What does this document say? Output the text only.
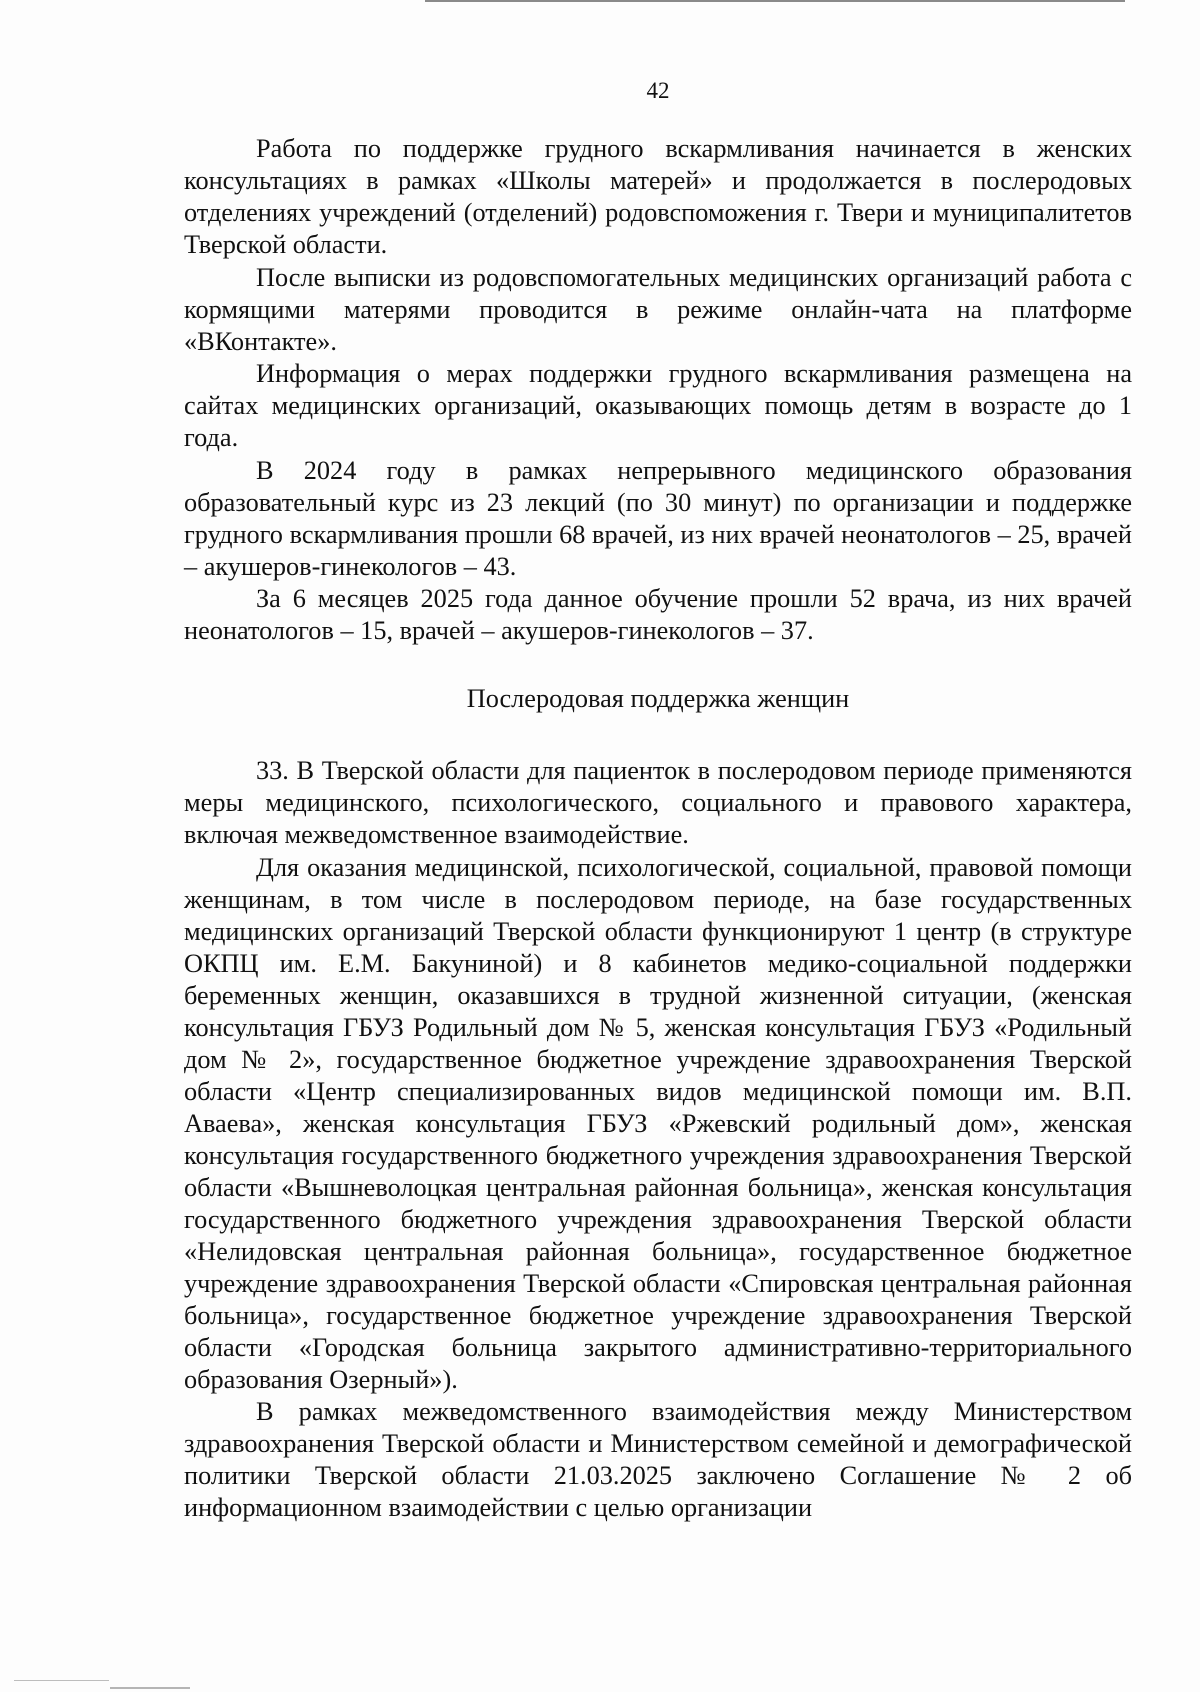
42

Работа по поддержке грудного вскармливания начинается в женских консультациях в рамках «Школы матерей» и продолжается в послеродовых отделениях учреждений (отделений) родовспоможения г. Твери и муниципалитетов Тверской области.

После выписки из родовспомогательных медицинских организаций работа с кормящими матерями проводится в режиме онлайн-чата на платформе «ВКонтакте».

Информация о мерах поддержки грудного вскармливания размещена на сайтах медицинских организаций, оказывающих помощь детям в возрасте до 1 года.

В 2024 году в рамках непрерывного медицинского образования образовательный курс из 23 лекций (по 30 минут) по организации и поддержке грудного вскармливания прошли 68 врачей, из них врачей неонатологов – 25, врачей – акушеров-гинекологов – 43.

За 6 месяцев 2025 года данное обучение прошли 52 врача, из них врачей неонатологов – 15, врачей – акушеров-гинекологов – 37.

Послеродовая поддержка женщин

33. В Тверской области для пациенток в послеродовом периоде применяются меры медицинского, психологического, социального и правового характера, включая межведомственное взаимодействие.

Для оказания медицинской, психологической, социальной, правовой помощи женщинам, в том числе в послеродовом периоде, на базе государственных медицинских организаций Тверской области функционируют 1 центр (в структуре ОКПЦ им. Е.М. Бакуниной) и 8 кабинетов медико-социальной поддержки беременных женщин, оказавшихся в трудной жизненной ситуации, (женская консультация ГБУЗ Родильный дом № 5, женская консультация ГБУЗ «Родильный дом № 2», государственное бюджетное учреждение здравоохранения Тверской области «Центр специализированных видов медицинской помощи им. В.П. Аваева», женская консультация ГБУЗ «Ржевский родильный дом», женская консультация государственного бюджетного учреждения здравоохранения Тверской области «Вышневолоцкая центральная районная больница», женская консультация государственного бюджетного учреждения здравоохранения Тверской области «Нелидовская центральная районная больница», государственное бюджетное учреждение здравоохранения Тверской области «Спировская центральная районная больница», государственное бюджетное учреждение здравоохранения Тверской области «Городская больница закрытого административно-территориального образования Озерный»).

В рамках межведомственного взаимодействия между Министерством здравоохранения Тверской области и Министерством семейной и демографической политики Тверской области 21.03.2025 заключено Соглашение № 2 об информационном взаимодействии с целью организации
